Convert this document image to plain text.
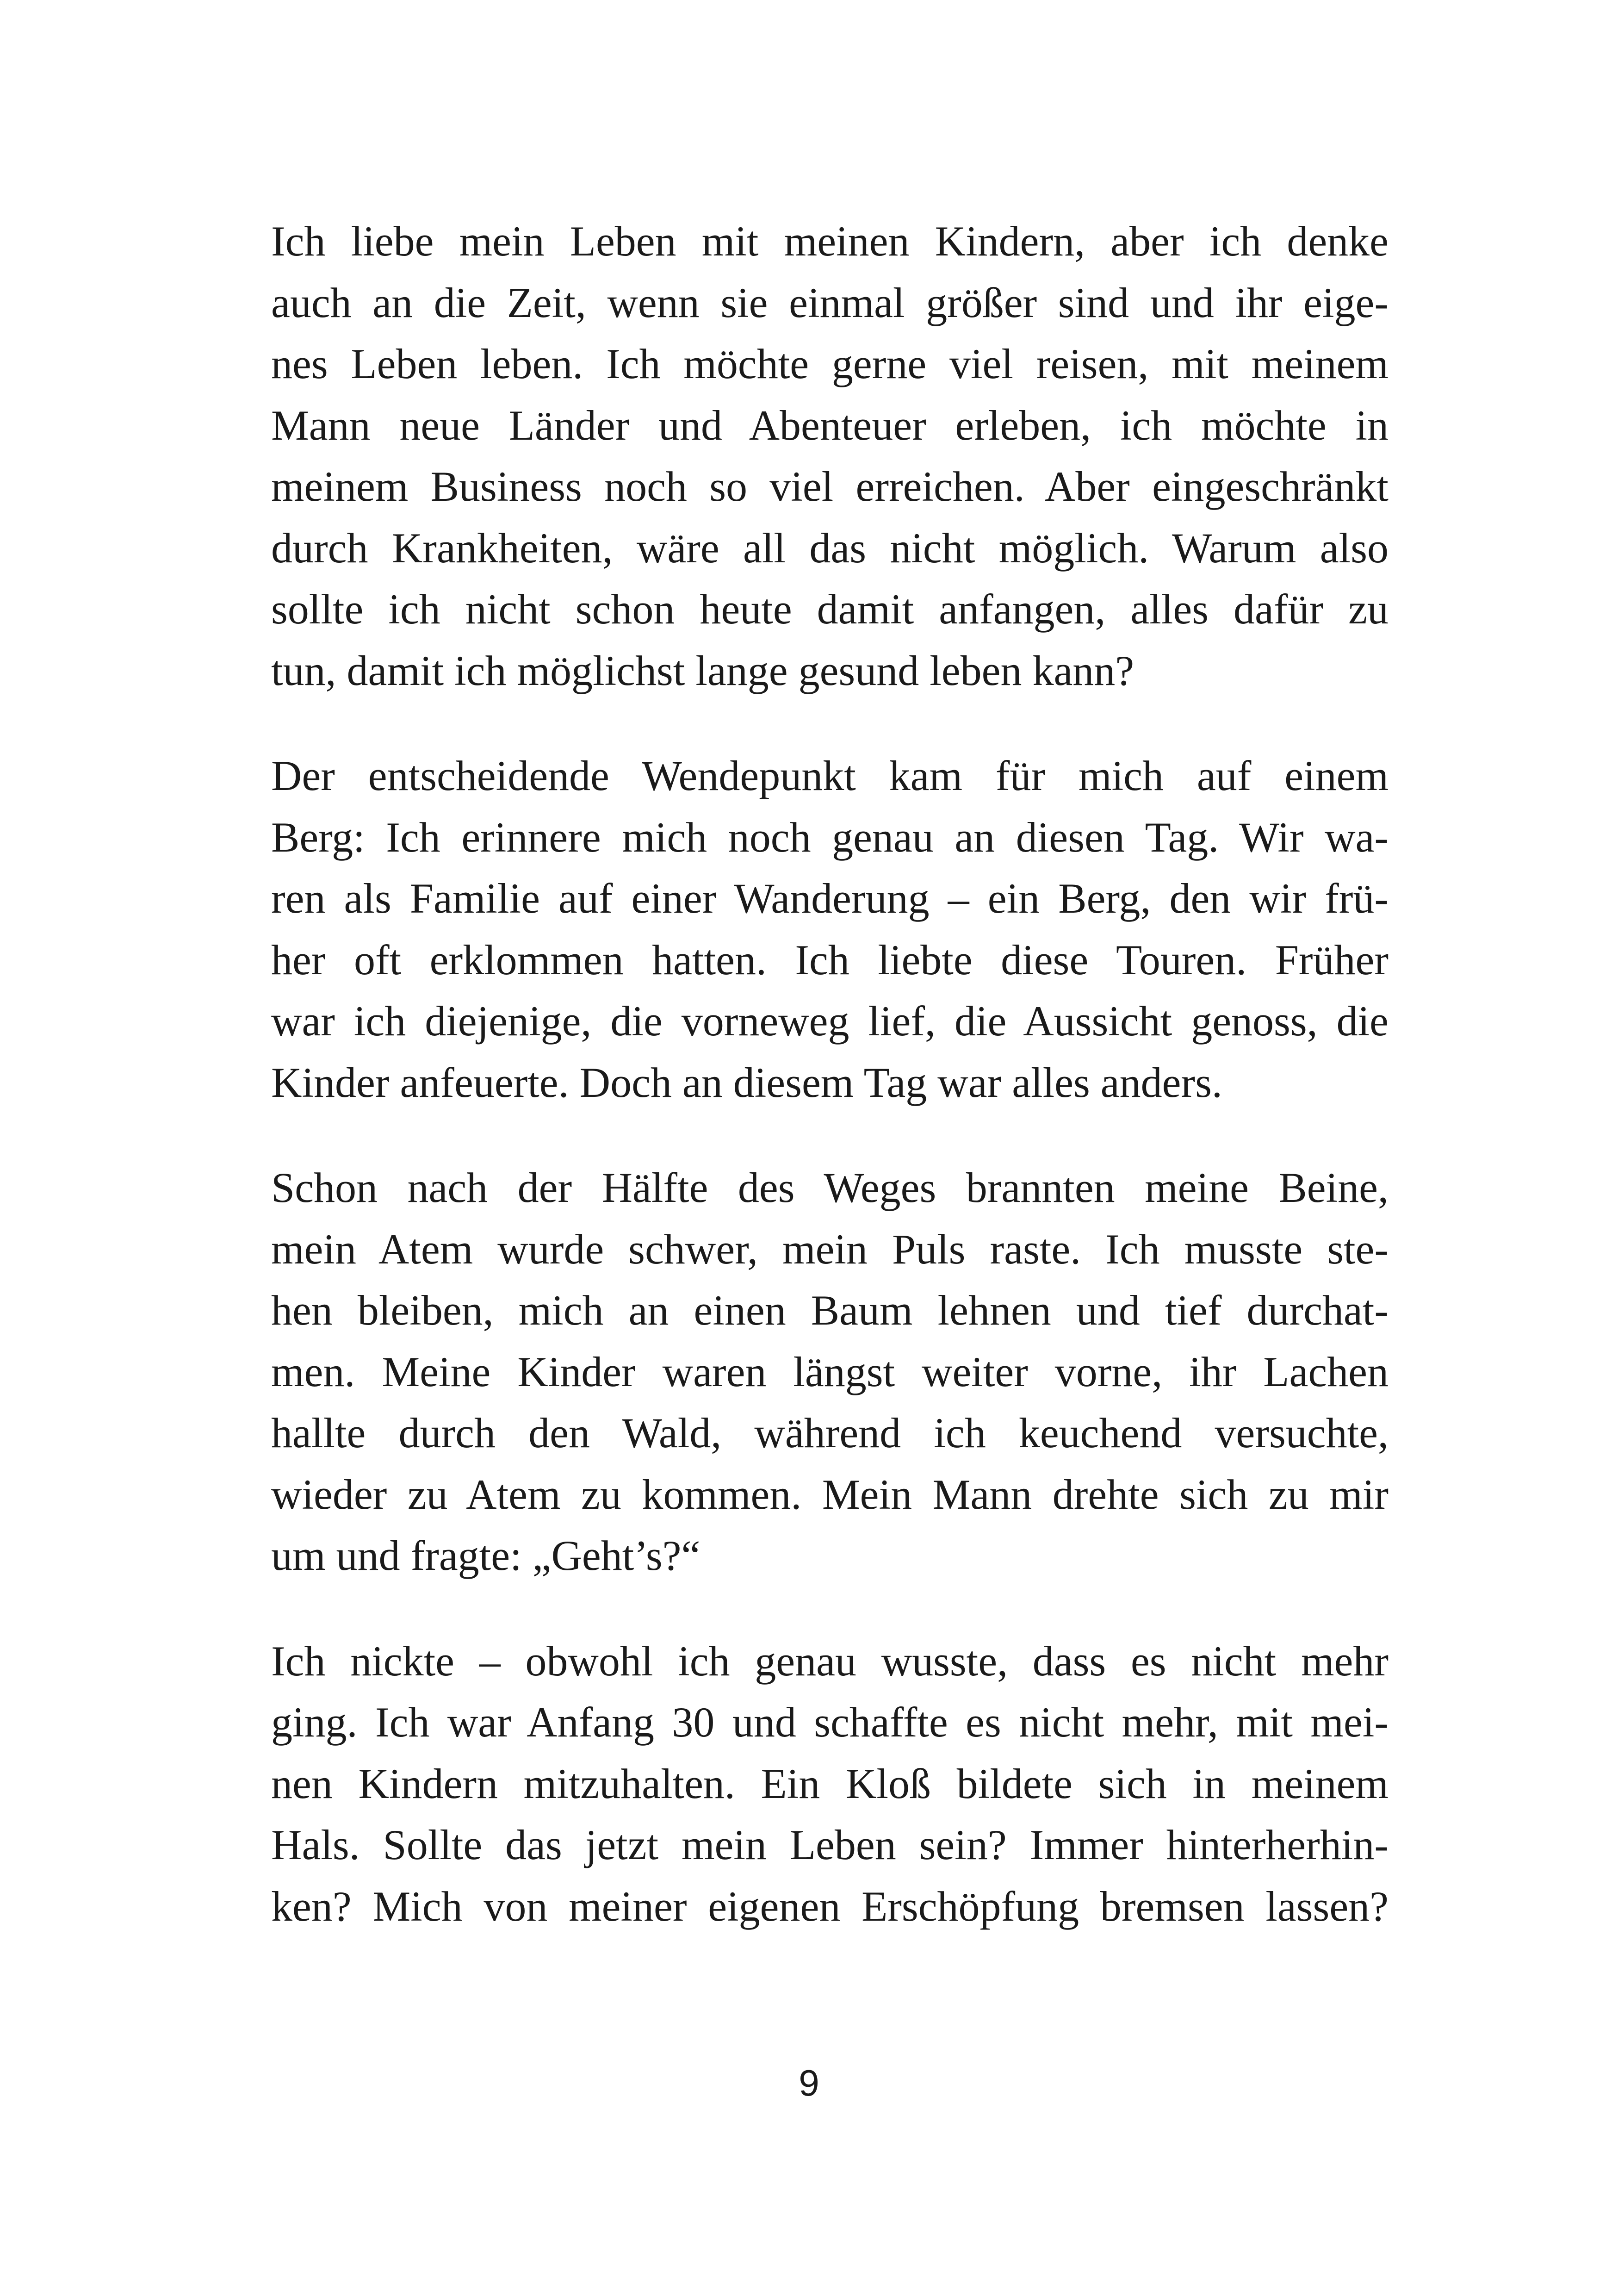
Ich liebe mein Leben mit meinen Kindern, aber ich denke
auch an die Zeit, wenn sie einmal größer sind und ihr eige-
nes Leben leben. Ich möchte gerne viel reisen, mit meinem
Mann neue Länder und Abenteuer erleben, ich möchte in
meinem Business noch so viel erreichen. Aber eingeschränkt
durch Krankheiten, wäre all das nicht möglich. Warum also
sollte ich nicht schon heute damit anfangen, alles dafür zu
tun, damit ich möglichst lange gesund leben kann?

Der entscheidende Wendepunkt kam für mich auf einem
Berg: Ich erinnere mich noch genau an diesen Tag. Wir wa-
ren als Familie auf einer Wanderung – ein Berg, den wir frü-
her oft erklommen hatten. Ich liebte diese Touren. Früher
war ich diejenige, die vorneweg lief, die Aussicht genoss, die
Kinder anfeuerte. Doch an diesem Tag war alles anders.

Schon nach der Hälfte des Weges brannten meine Beine,
mein Atem wurde schwer, mein Puls raste. Ich musste ste-
hen bleiben, mich an einen Baum lehnen und tief durchat-
men. Meine Kinder waren längst weiter vorne, ihr Lachen
hallte durch den Wald, während ich keuchend versuchte,
wieder zu Atem zu kommen. Mein Mann drehte sich zu mir
um und fragte: „Geht’s?“

Ich nickte – obwohl ich genau wusste, dass es nicht mehr
ging. Ich war Anfang 30 und schaffte es nicht mehr, mit mei-
nen Kindern mitzuhalten. Ein Kloß bildete sich in meinem
Hals. Sollte das jetzt mein Leben sein? Immer hinterherhin-
ken? Mich von meiner eigenen Erschöpfung bremsen lassen?

9
